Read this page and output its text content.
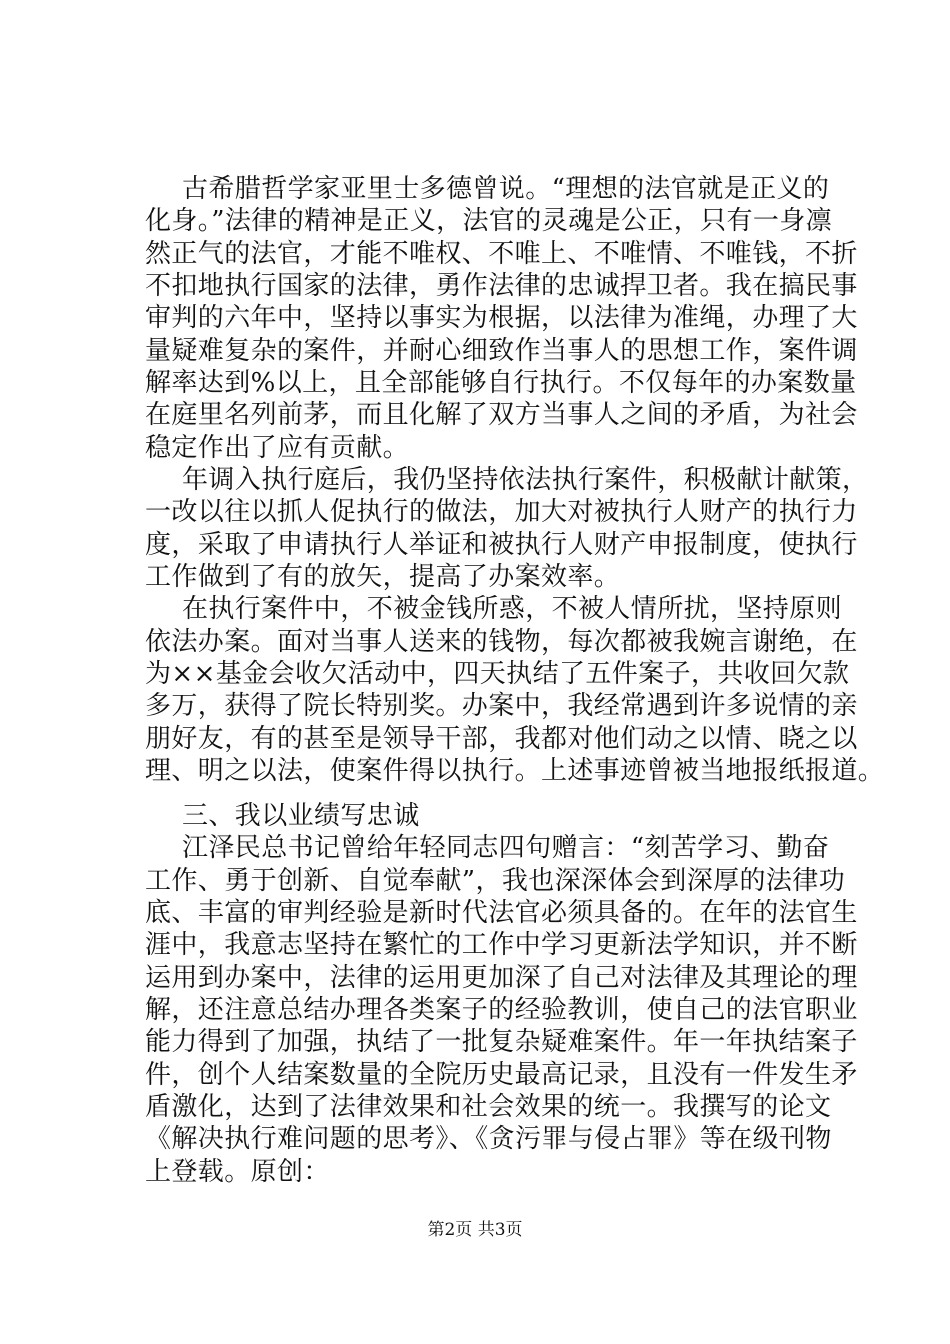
古希腊哲学家亚里士多德曾说。“理想的法官就是正义的
化身。”法律的精神是正义，法官的灵魂是公正，只有一身凛
然正气的法官，才能不唯权、不唯上、不唯情、不唯钱，不折
不扣地执行国家的法律，勇作法律的忠诚捍卫者。我在搞民事
审判的六年中，坚持以事实为根据，以法律为准绳，办理了大
量疑难复杂的案件，并耐心细致作当事人的思想工作，案件调
解率达到%以上，且全部能够自行执行。不仅每年的办案数量
在庭里名列前茅，而且化解了双方当事人之间的矛盾，为社会
稳定作出了应有贡献。
年调入执行庭后，我仍坚持依法执行案件，积极献计献策，
一改以往以抓人促执行的做法，加大对被执行人财产的执行力
度，采取了申请执行人举证和被执行人财产申报制度，使执行
工作做到了有的放矢，提高了办案效率。
在执行案件中，不被金钱所惑，不被人情所扰，坚持原则
依法办案。面对当事人送来的钱物，每次都被我婉言谢绝，在
为××基金会收欠活动中，四天执结了五件案子，共收回欠款
多万，获得了院长特别奖。办案中，我经常遇到许多说情的亲
朋好友，有的甚至是领导干部，我都对他们动之以情、晓之以
理、明之以法，使案件得以执行。上述事迹曾被当地报纸报道。
三、我以业绩写忠诚
江泽民总书记曾给年轻同志四句赠言：“刻苦学习、勤奋
工作、勇于创新、自觉奉献”，我也深深体会到深厚的法律功
底、丰富的审判经验是新时代法官必须具备的。在年的法官生
涯中，我意志坚持在繁忙的工作中学习更新法学知识，并不断
运用到办案中，法律的运用更加深了自己对法律及其理论的理
解，还注意总结办理各类案子的经验教训，使自己的法官职业
能力得到了加强，执结了一批复杂疑难案件。年一年执结案子
件，创个人结案数量的全院历史最高记录，且没有一件发生矛
盾激化，达到了法律效果和社会效果的统一。我撰写的论文
《解决执行难问题的思考》、《贪污罪与侵占罪》等在级刊物
上登载。原创：
第2页 共3页
